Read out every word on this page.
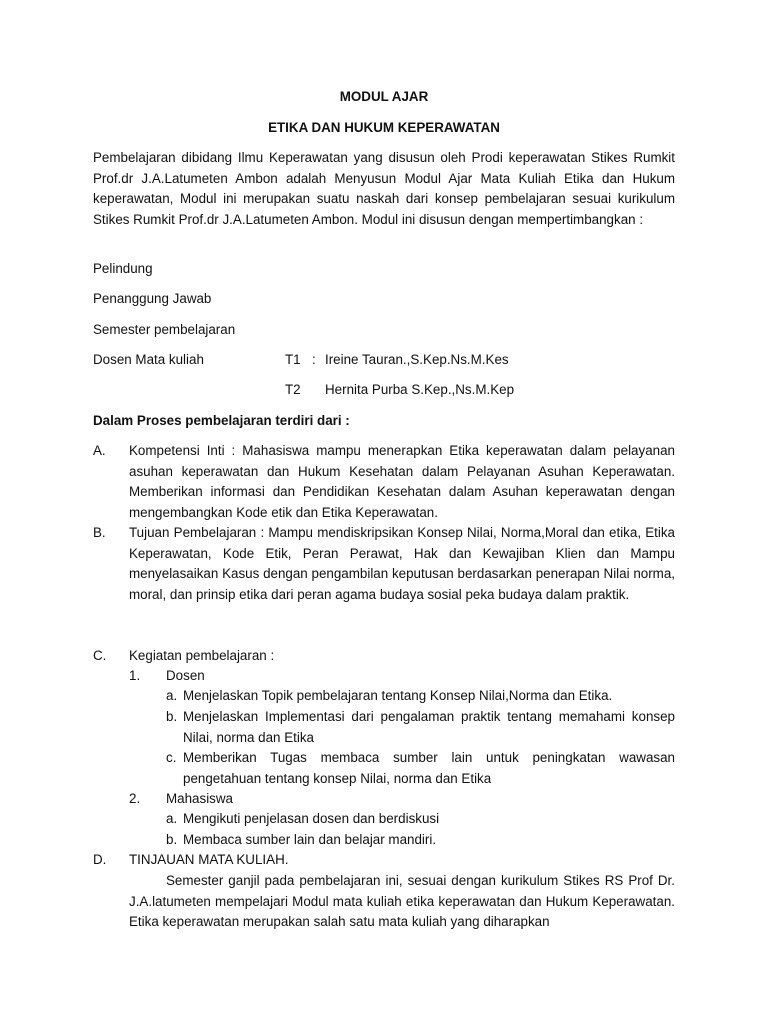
MODUL AJAR
ETIKA DAN HUKUM KEPERAWATAN
Pembelajaran dibidang Ilmu Keperawatan yang disusun oleh Prodi keperawatan Stikes Rumkit Prof.dr J.A.Latumeten Ambon adalah Menyusun Modul Ajar Mata Kuliah Etika dan Hukum keperawatan, Modul ini merupakan suatu naskah dari konsep pembelajaran sesuai kurikulum Stikes Rumkit Prof.dr J.A.Latumeten Ambon. Modul ini disusun dengan mempertimbangkan :
Pelindung
Penanggung Jawab
Semester pembelajaran
Dosen Mata kuliah	T1 : Ireine Tauran.,S.Kep.Ns.M.Kes
T2 Hernita Purba S.Kep.,Ns.M.Kep
Dalam Proses pembelajaran terdiri dari :
A. Kompetensi Inti : Mahasiswa mampu menerapkan Etika keperawatan dalam pelayanan asuhan keperawatan dan Hukum Kesehatan dalam Pelayanan Asuhan Keperawatan. Memberikan informasi dan Pendidikan Kesehatan dalam Asuhan keperawatan dengan mengembangkan Kode etik dan Etika Keperawatan.
B. Tujuan Pembelajaran : Mampu mendiskripsikan Konsep Nilai, Norma,Moral dan etika, Etika Keperawatan, Kode Etik, Peran Perawat, Hak dan Kewajiban Klien dan Mampu menyelasaikan Kasus dengan pengambilan keputusan berdasarkan penerapan Nilai norma, moral, dan prinsip etika dari peran agama budaya sosial peka budaya dalam praktik.
C. Kegiatan pembelajaran :
1. Dosen
a. Menjelaskan Topik pembelajaran tentang Konsep Nilai,Norma dan Etika.
b. Menjelaskan Implementasi dari pengalaman praktik tentang memahami konsep Nilai, norma dan Etika
c. Memberikan Tugas membaca sumber lain untuk peningkatan wawasan pengetahuan tentang konsep Nilai, norma dan Etika
2. Mahasiswa
a. Mengikuti penjelasan dosen dan berdiskusi
b. Membaca sumber lain dan belajar mandiri.
D. TINJAUAN MATA KULIAH.
Semester ganjil pada pembelajaran ini, sesuai dengan kurikulum Stikes RS Prof Dr. J.A.latumeten mempelajari Modul mata kuliah etika keperawatan dan Hukum Keperawatan. Etika keperawatan merupakan salah satu mata kuliah yang diharapkan
